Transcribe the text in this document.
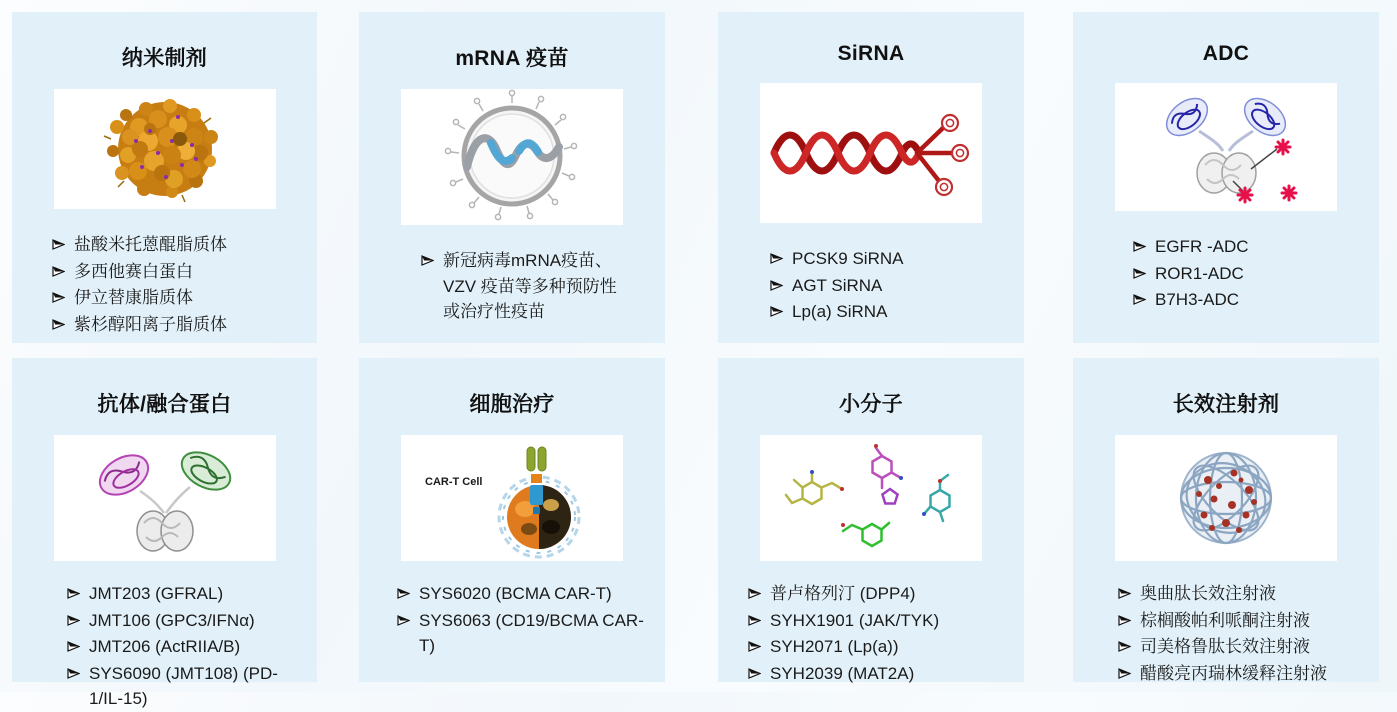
纳米制剂
盐酸米托蒽醌脂质体
多西他赛白蛋白
伊立替康脂质体
紫杉醇阳离子脂质体
mRNA 疫苗
新冠病毒mRNA疫苗、VZV 疫苗等多种预防性或治疗性疫苗
SiRNA
PCSK9 SiRNA
AGT SiRNA
Lp(a) SiRNA
ADC
EGFR -ADC
ROR1-ADC
B7H3-ADC
抗体/融合蛋白
JMT203 (GFRAL)
JMT106 (GPC3/IFNα)
JMT206 (ActRIIA/B)
SYS6090 (JMT108) (PD-1/IL-15)
细胞治疗
CAR-T Cell
SYS6020 (BCMA CAR-T)
SYS6063 (CD19/BCMA CAR-T)
小分子
普卢格列汀 (DPP4)
SYHX1901 (JAK/TYK)
SYH2071 (Lp(a))
SYH2039 (MAT2A)
长效注射剂
奥曲肽长效注射液
棕榈酸帕利哌酮注射液
司美格鲁肽长效注射液
醋酸亮丙瑞林缓释注射液
